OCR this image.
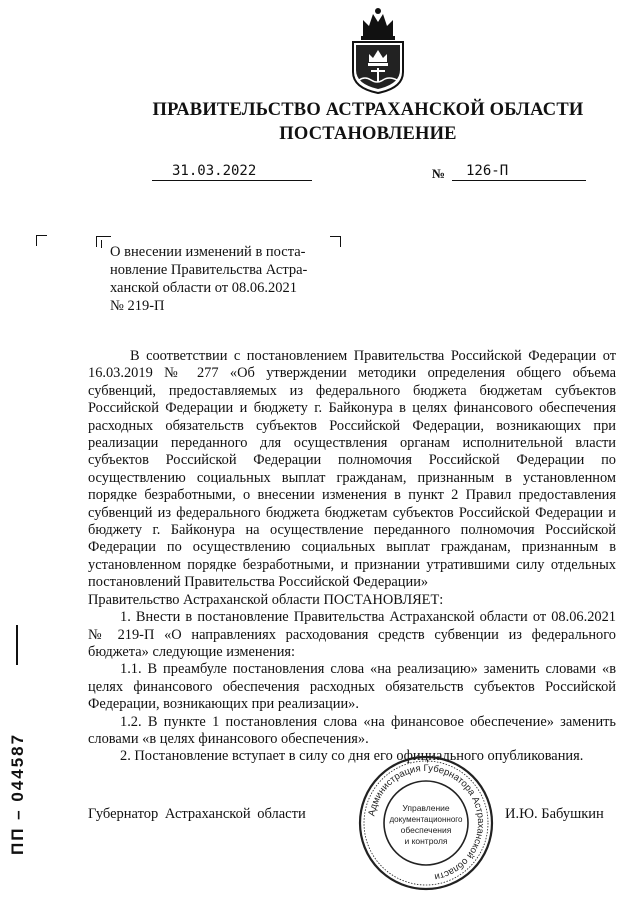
ПРАВИТЕЛЬСТВО АСТРАХАНСКОЙ ОБЛАСТИ
ПОСТАНОВЛЕНИЕ
31.03.2022	№ 126-П
О внесении изменений в поста-
новление Правительства Астра-
ханской области от 08.06.2021
№ 219-П

В соответствии с постановлением Правительства Российской Федерации от 16.03.2019 № 277 «Об утверждении методики определения общего объема субвенций, предоставляемых из федерального бюджета бюджетам субъектов Российской Федерации и бюджету г. Байконура в целях финансового обеспечения расходных обязательств субъектов Российской Федерации, возникающих при реализации переданного для осуществления органам исполнительной власти субъектов Российской Федерации полномочия Российской Федерации по осуществлению социальных выплат гражданам, признанным в установленном порядке безработными, о внесении изменения в пункт 2 Правил предоставления субвенций из федерального бюджета бюджетам субъектов Российской Федерации и бюджету г. Байконура на осуществление переданного полномочия Российской Федерации по осуществлению социальных выплат гражданам, признанным в установленном порядке безработными, и признании утратившими силу отдельных постановлений Правительства Российской Федерации»

Правительство Астраханской области ПОСТАНОВЛЯЕТ:

1. Внести в постановление Правительства Астраханской области от 08.06.2021 № 219-П «О направлениях расходования средств субвенции из федерального бюджета» следующие изменения:

1.1. В преамбуле постановления слова «на реализацию» заменить словами «в целях финансового обеспечения расходных обязательств субъектов Российской Федерации, возникающих при реализации».

1.2. В пункте 1 постановления слова «на финансовое обеспечение» заменить словами «в целях финансового обеспечения».

2. Постановление вступает в силу со дня его официального опубликования.

Губернатор Астраханской области	И.Ю. Бабушкин
Администрация Губернатора Астраханской области
Управление
документационного
обеспечения
и контроля
ПП – 044587
